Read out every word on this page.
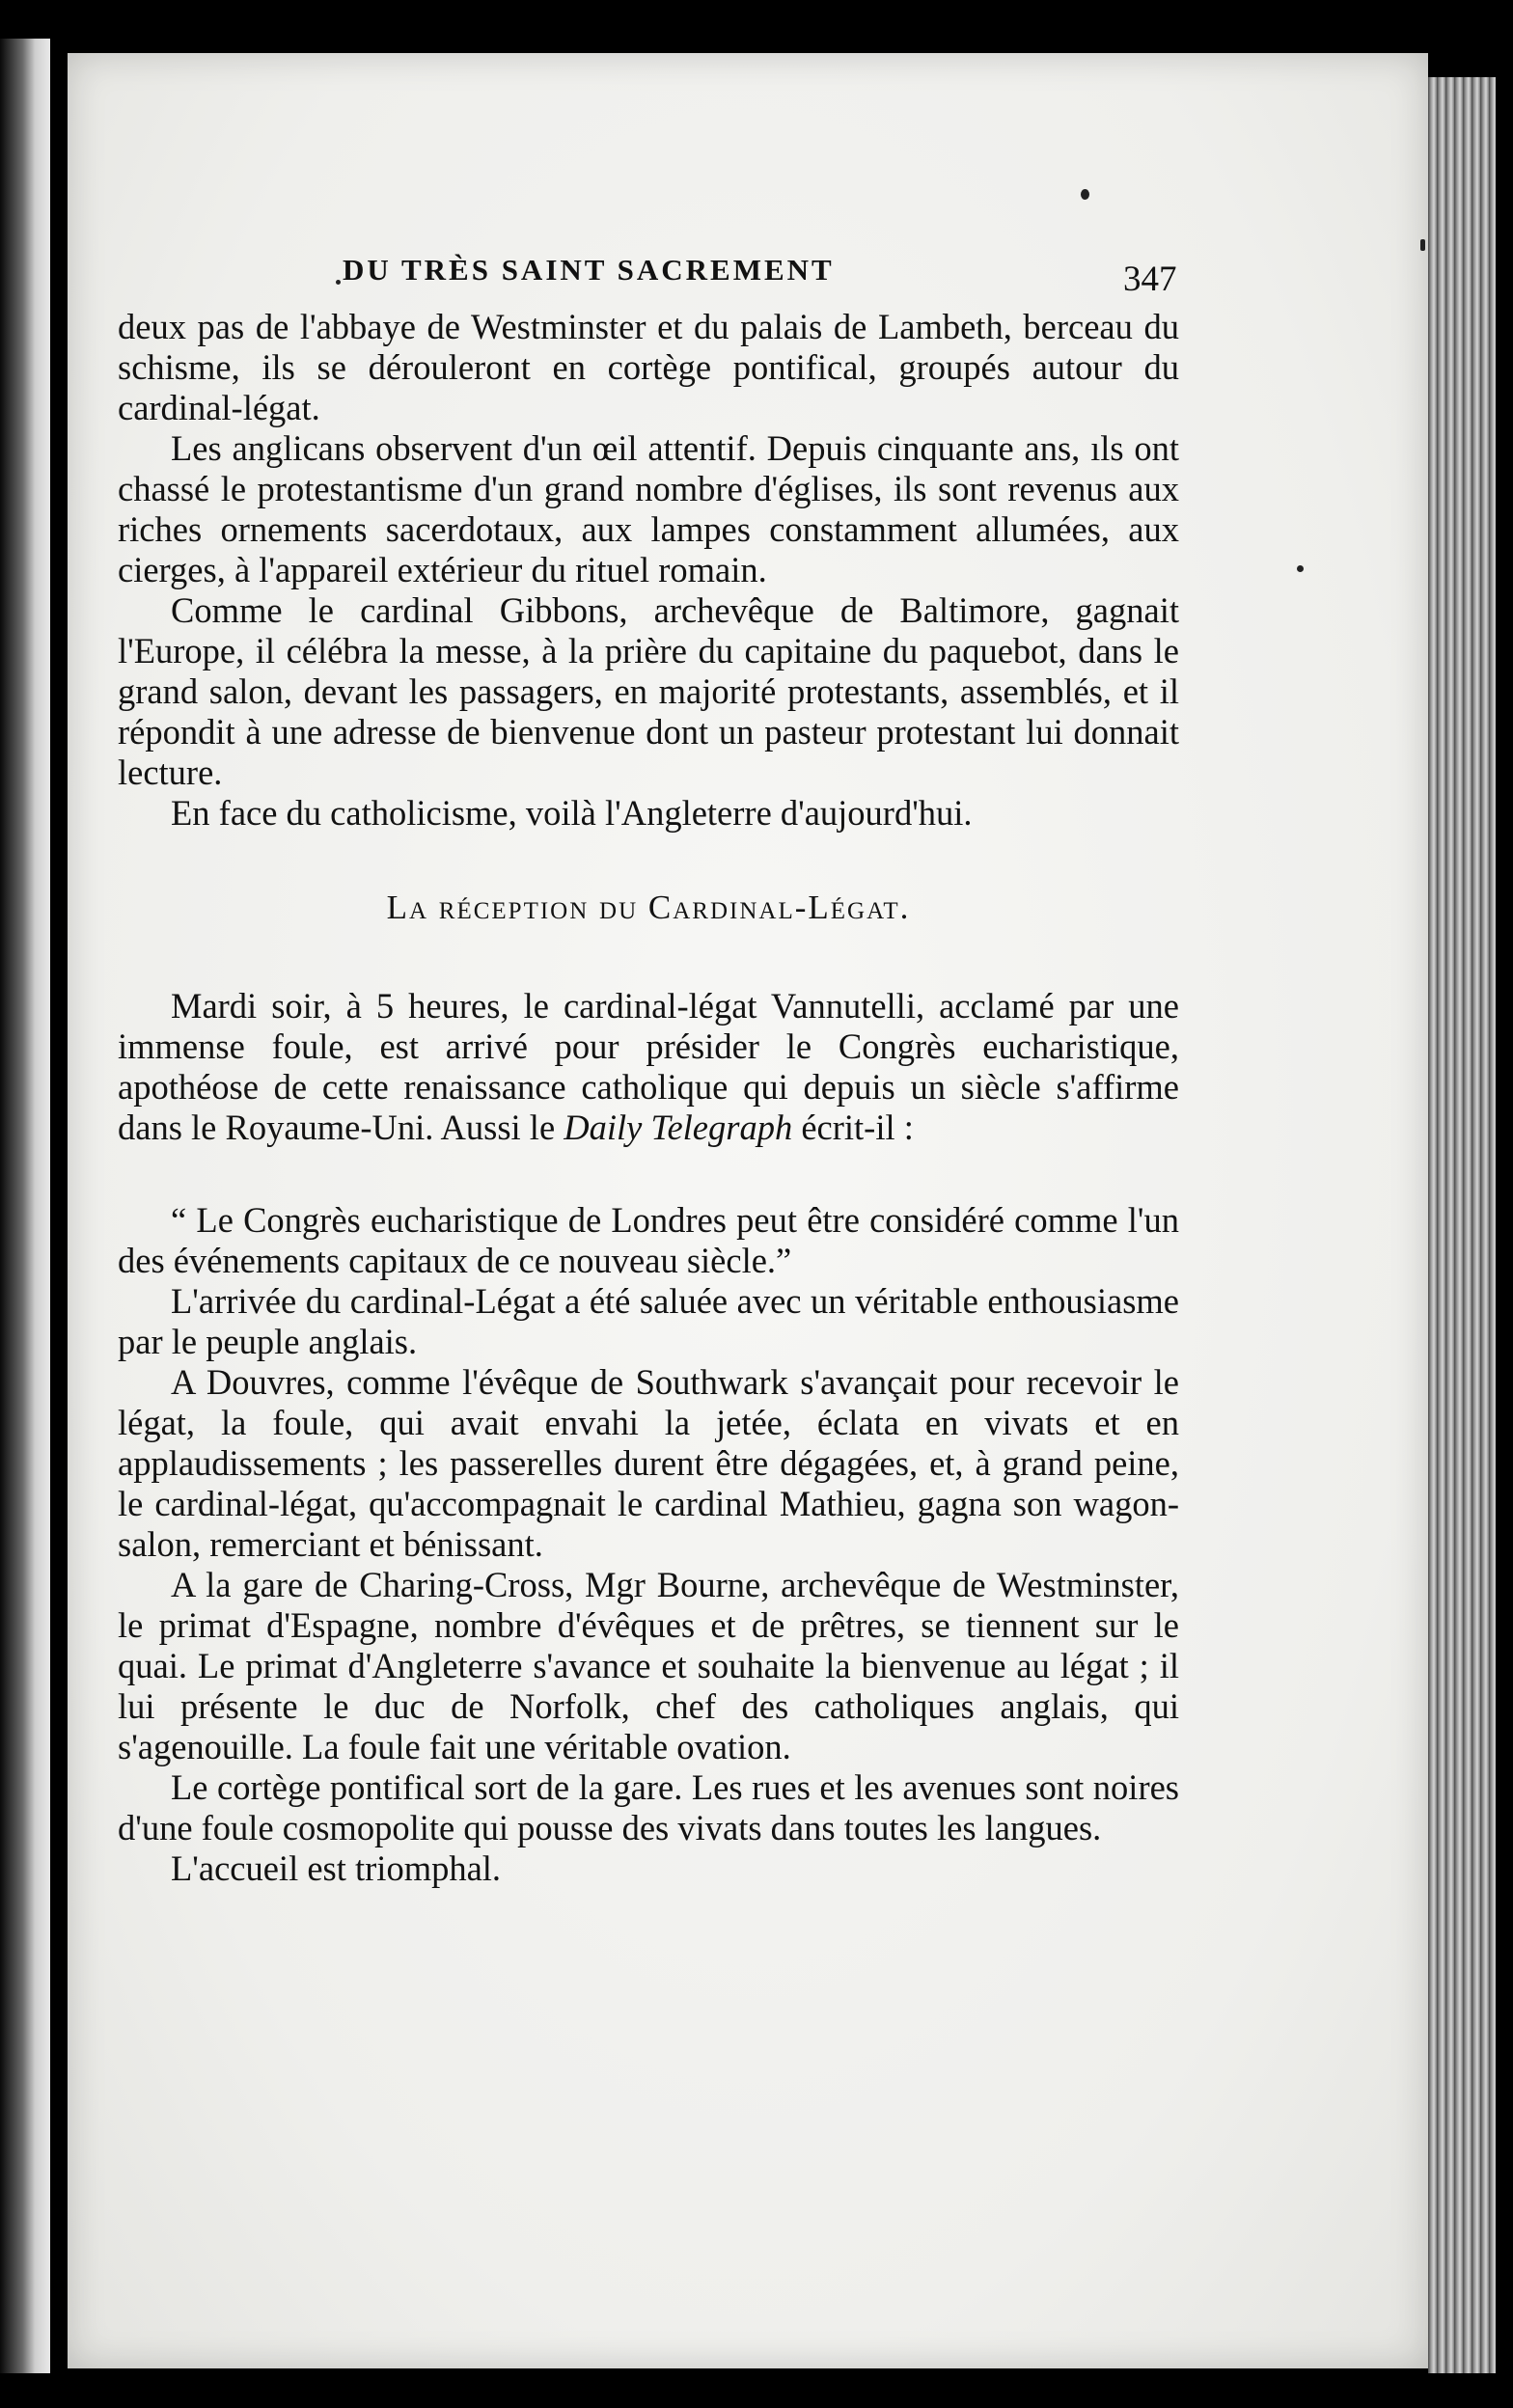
DU TRÈS SAINT SACREMENT	347

deux pas de l'abbaye de Westminster et du palais de Lambeth, berceau du schisme, ils se dérouleront en cortège pontifical, groupés autour du cardinal-légat.

Les anglicans observent d'un œil attentif. Depuis cinquante ans, ıls ont chassé le protestantisme d'un grand nombre d'églises, ils sont revenus aux riches ornements sacerdotaux, aux lampes constamment allumées, aux cierges, à l'appareil extérieur du rituel romain.

Comme le cardinal Gibbons, archevêque de Baltimore, gagnait l'Europe, il célébra la messe, à la prière du capitaine du paquebot, dans le grand salon, devant les passagers, en majorité protestants, assemblés, et il répondit à une adresse de bienvenue dont un pasteur protestant lui donnait lecture.

En face du catholicisme, voilà l'Angleterre d'aujourd'hui.

La réception du Cardinal-Légat.

Mardi soir, à 5 heures, le cardinal-légat Vannutelli, acclamé par une immense foule, est arrivé pour présider le Congrès eucharistique, apothéose de cette renaissance catholique qui depuis un siècle s'affirme dans le Royaume-Uni. Aussi le Daily Telegraph écrit-il :

“ Le Congrès eucharistique de Londres peut être considéré comme l'un des événements capitaux de ce nouveau siècle.”

L'arrivée du cardinal-Légat a été saluée avec un véritable enthousiasme par le peuple anglais.

A Douvres, comme l'évêque de Southwark s'avançait pour recevoir le légat, la foule, qui avait envahi la jetée, éclata en vivats et en applaudissements ; les passerelles durent être dégagées, et, à grand peine, le cardinal-légat, qu'accompagnait le cardinal Mathieu, gagna son wagon-salon, remerciant et bénissant.

A la gare de Charing-Cross, Mgr Bourne, archevêque de Westminster, le primat d'Espagne, nombre d'évêques et de prêtres, se tiennent sur le quai. Le primat d'Angleterre s'avance et souhaite la bienvenue au légat ; il lui présente le duc de Norfolk, chef des catholiques anglais, qui s'agenouille. La foule fait une véritable ovation.

Le cortège pontifical sort de la gare. Les rues et les avenues sont noires d'une foule cosmopolite qui pousse des vivats dans toutes les langues.

L'accueil est triomphal.
